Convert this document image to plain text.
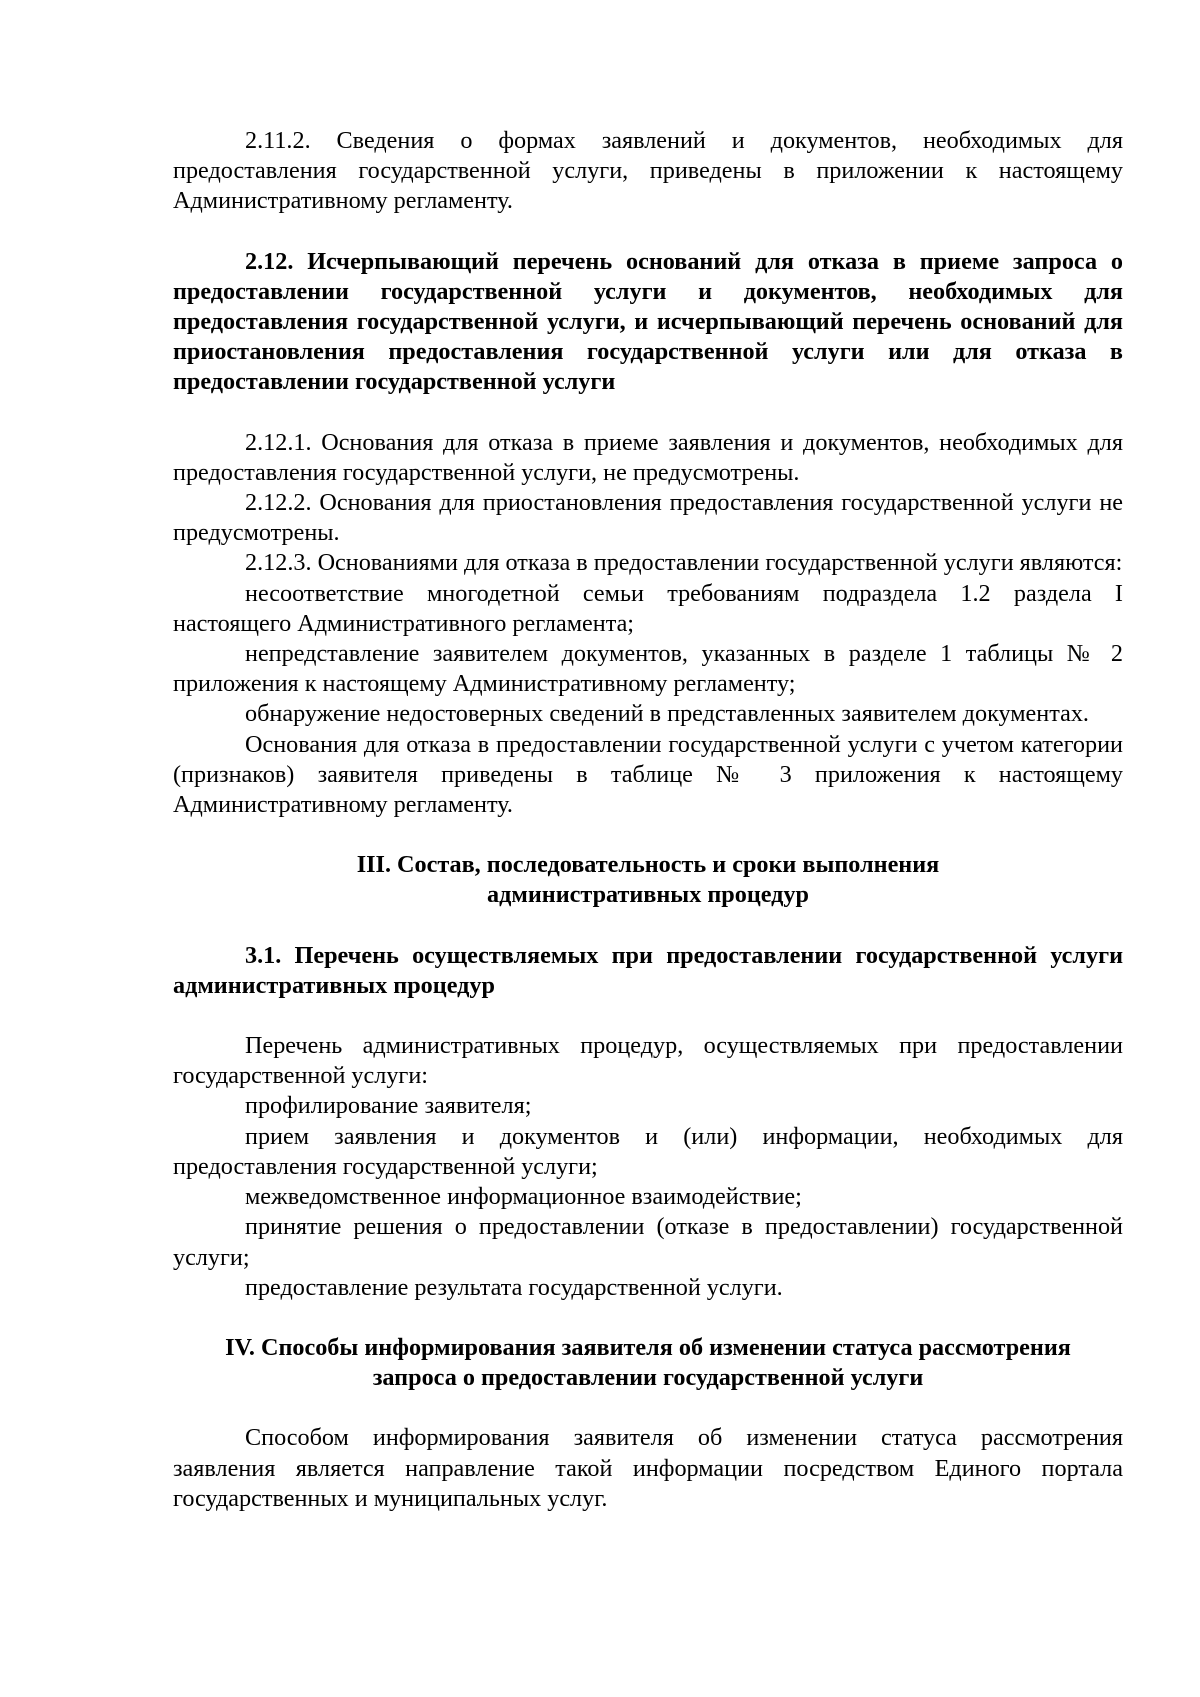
2.11.2. Сведения о формах заявлений и документов, необходимых для предоставления государственной услуги, приведены в приложении к настоящему Административному регламенту.

2.12. Исчерпывающий перечень оснований для отказа в приеме запроса о предоставлении государственной услуги и документов, необходимых для предоставления государственной услуги, и исчерпывающий перечень оснований для приостановления предоставления государственной услуги или для отказа в предоставлении государственной услуги

2.12.1. Основания для отказа в приеме заявления и документов, необходимых для предоставления государственной услуги, не предусмотрены.

2.12.2. Основания для приостановления предоставления государственной услуги не предусмотрены.

2.12.3. Основаниями для отказа в предоставлении государственной услуги являются:

несоответствие многодетной семьи требованиям подраздела 1.2 раздела I настоящего Административного регламента;

непредставление заявителем документов, указанных в разделе 1 таблицы № 2 приложения к настоящему Административному регламенту;

обнаружение недостоверных сведений в представленных заявителем документах.

Основания для отказа в предоставлении государственной услуги с учетом категории (признаков) заявителя приведены в таблице № 3 приложения к настоящему Административному регламенту.

III. Состав, последовательность и сроки выполнения

административных процедур

3.1. Перечень осуществляемых при предоставлении государственной услуги административных процедур

Перечень административных процедур, осуществляемых при предоставлении государственной услуги:

профилирование заявителя;

прием заявления и документов и (или) информации, необходимых для предоставления государственной услуги;

межведомственное информационное взаимодействие;

принятие решения о предоставлении (отказе в предоставлении) государственной услуги;

предоставление результата государственной услуги.

IV. Способы информирования заявителя об изменении статуса рассмотрения

запроса о предоставлении государственной услуги

Способом информирования заявителя об изменении статуса рассмотрения заявления является направление такой информации посредством Единого портала государственных и муниципальных услуг.
